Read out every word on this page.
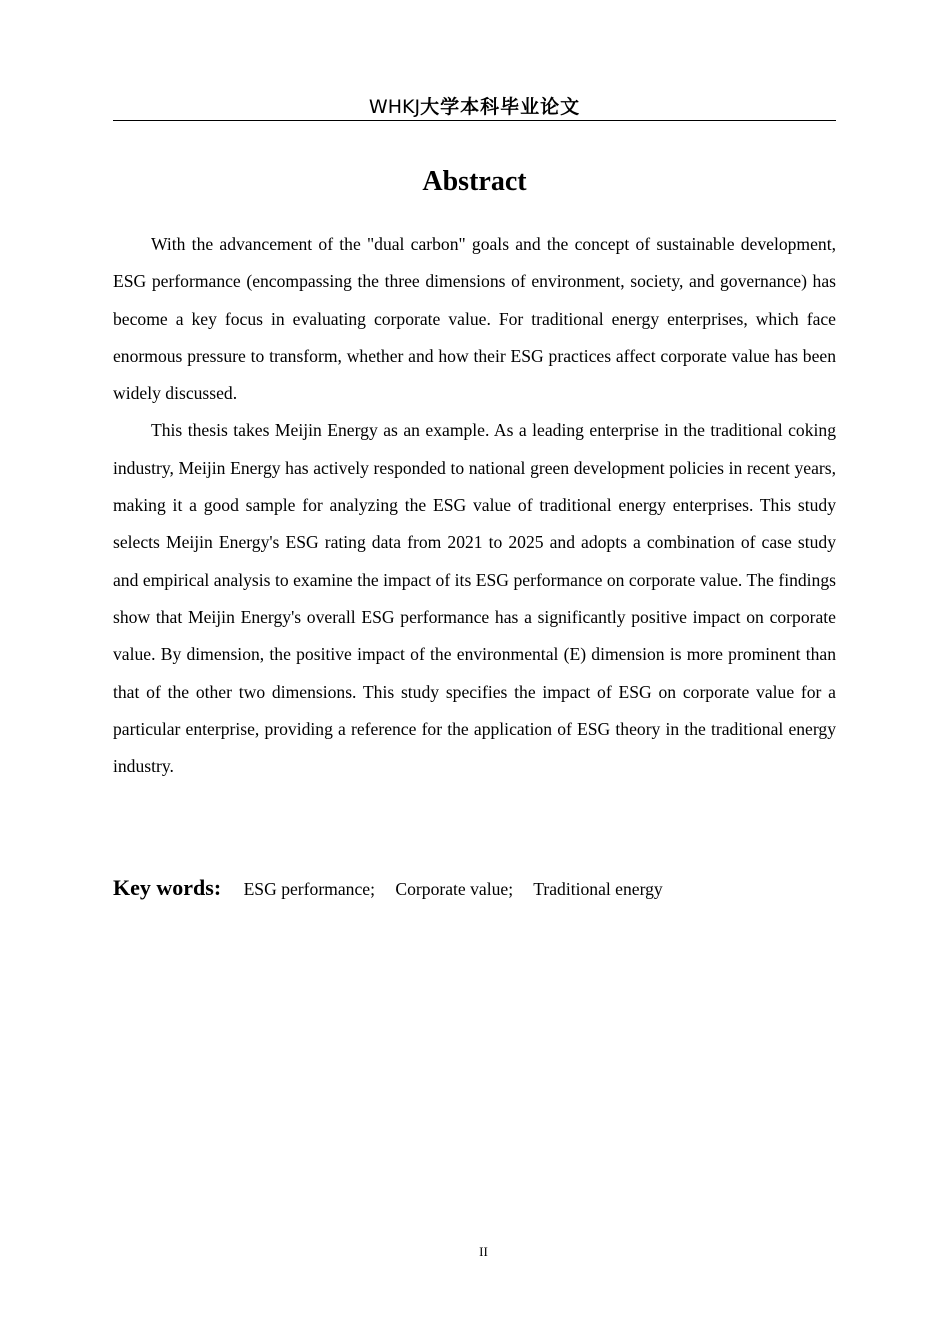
WHKJ大学本科毕业论文
Abstract

With the advancement of the "dual carbon" goals and the concept of sustainable development, ESG performance (encompassing the three dimensions of environment, society, and governance) has become a key focus in evaluating corporate value. For traditional energy enterprises, which face enormous pressure to transform, whether and how their ESG practices affect corporate value has been widely discussed.

This thesis takes Meijin Energy as an example. As a leading enterprise in the traditional coking industry, Meijin Energy has actively responded to national green development policies in recent years, making it a good sample for analyzing the ESG value of traditional energy enterprises. This study selects Meijin Energy's ESG rating data from 2021 to 2025 and adopts a combination of case study and empirical analysis to examine the impact of its ESG performance on corporate value. The findings show that Meijin Energy's overall ESG performance has a significantly positive impact on corporate value. By dimension, the positive impact of the environmental (E) dimension is more prominent than that of the other two dimensions. This study specifies the impact of ESG on corporate value for a particular enterprise, providing a reference for the application of ESG theory in the traditional energy industry.

Key words: ESG performance; Corporate value; Traditional energy
II
